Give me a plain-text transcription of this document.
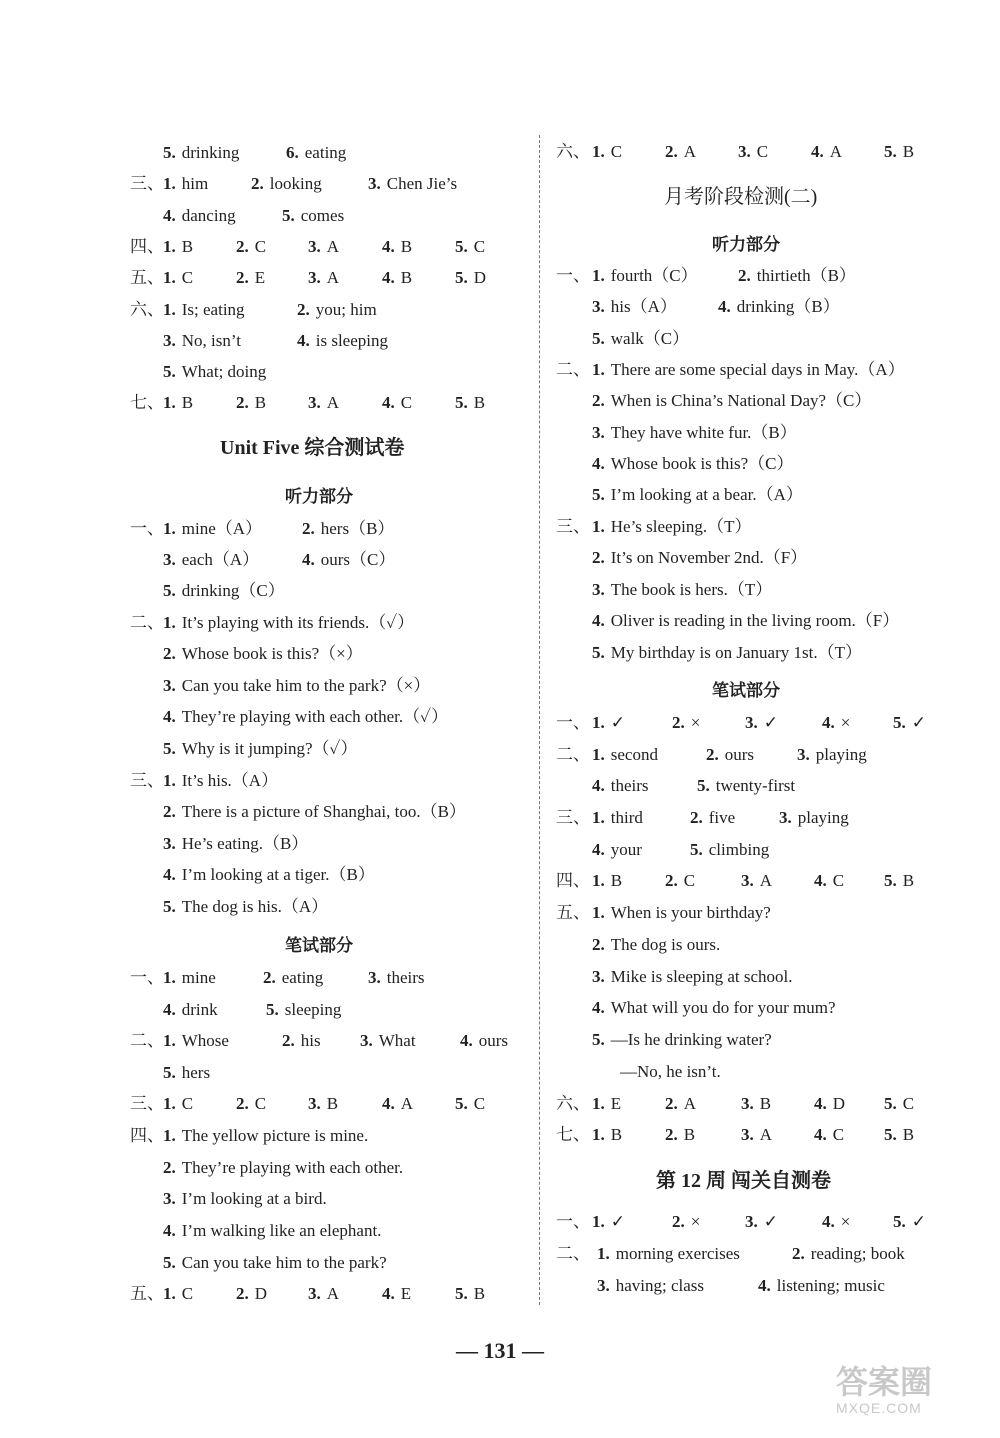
5. drinking	6. eating
三、 1. him	2. looking	3. Chen Jie’s
4. dancing	5. comes
四、 1. B	2. C 3. A	4. B	5. C
五、 1. C	2. E	3. A	4. B	5. D
六、 1. Is; eating	2. you; him
3. No, isn’t	4. is sleeping
5. What; doing
七、 1. B	2. B 3. A	4. C	5. B
Unit Five 综合测试卷
听力部分
一、 1. mine（A） 2. hers（B）
3. each（A）	4. ours（C）
5. drinking（C）
二、 1. It’s playing with its friends.（✓）
2. Whose book is this?（×）
3. Can you take him to the park?（×）
4. They’re playing with each other.（✓）
5. Why is it jumping?（✓）
三、 1. It’s his.（A）
2. There is a picture of Shanghai, too.（B）
3. He’s eating.（B）
4. I’m looking at a tiger.（B）
5. The dog is his.（A）
笔试部分
一、 1. mine	2. eating	3. theirs
4. drink	5. sleeping
二、 1. Whose	2. his 3. What	4. ours
5. hers
三、 1. C	2. C 3. B	4. A 5. C
四、 1. The yellow picture is mine.
2. They’re playing with each other.
3. I’m looking at a bird.
4. I’m walking like an elephant.
5. Can you take him to the park?
五、 1. C	2. D 3. A	4. E	5. B
六、 1. C	2. A 3. C	4. A 5. B
月考阶段检测(二)
听力部分
一、 1. fourth（C） 2. thirtieth（B）
3. his（A） 4. drinking（B）
5. walk（C）
二、 1. There are some special days in May.（A）
2. When is China’s National Day?（C）
3. They have white fur.（B）
4. Whose book is this?（C）
5. I’m looking at a bear.（A）
三、 1. He’s sleeping.（T）
2. It’s on November 2nd.（F）
3. The book is hers.（T）
4. Oliver is reading in the living room.（F）
5. My birthday is on January 1st.（T）
笔试部分
一、 1. ✓	2. ×	3. ✓	4. ×	5. ✓
二、 1. second	2. ours	3. playing
4. theirs	5. twenty-first
三、 1. third	2. five	3. playing
4. your	5. climbing
四、 1. B	2. C	3. A 4. C 5. B
五、 1. When is your birthday?
2. The dog is ours.
3. Mike is sleeping at school.
4. What will you do for your mum?
5. —Is he drinking water?
—No, he isn’t.
六、 1. E	2. A	3. B	4. D 5. C
七、 1. B	2. B	3. A 4. C 5. B
第 12 周 闯关自测卷
一、 1. ✓	2. ×	3. ✓	4. ×	5. ✓
二、 1. morning exercises	2. reading; book
3. having; class	4. listening; music
— 131 —
答案圈
MXQE.COM
